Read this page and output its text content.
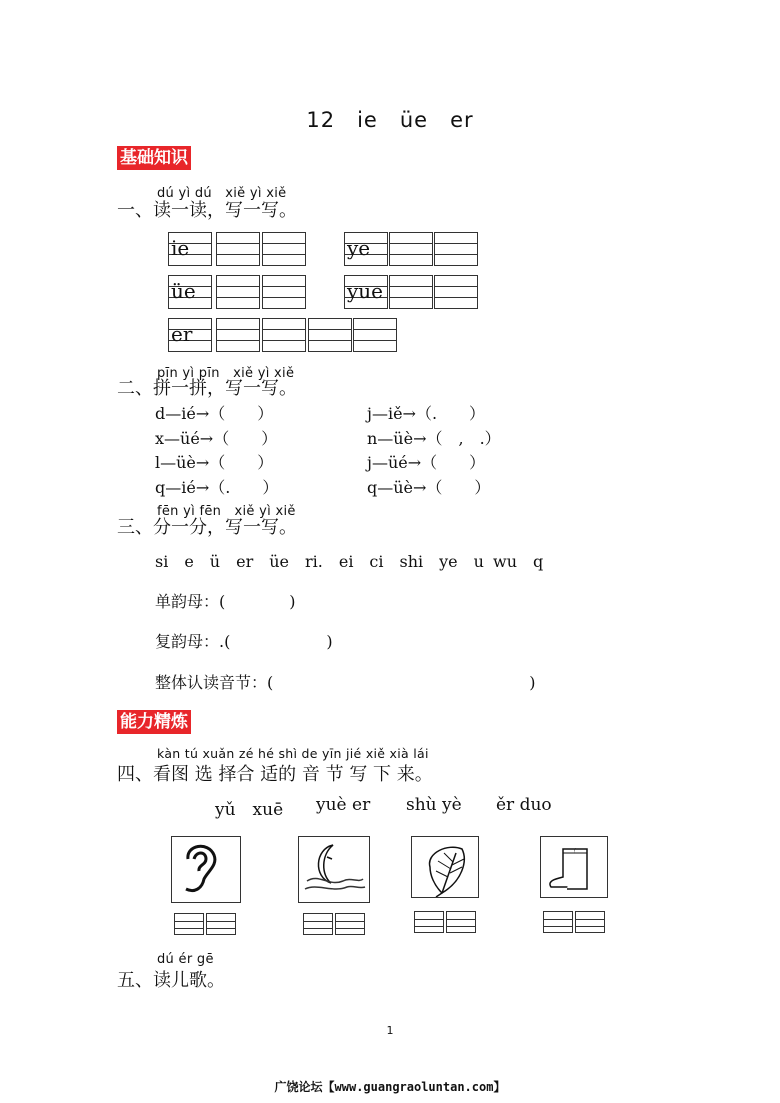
12　ie　üe　er
基础知识
dú yì dú　xiě yì xiě
一、读一读，写一写。
ie	ye
üe	yue
er
pīn yì pīn　xiě yì xiě
二、拼一拼，写一写。
d—ié→（　　）
x—üé→（　　）
l—üè→（　　）
q—ié→（.　　）
j—iě→（.　　）
n—üè→（　,　.）
j—üé→（　　）
q—üè→（　　）
fēn yì fēn　xiě yì xiě
三、分一分，写一写。
si　e　ü　er　üe　ri.　ei　ci　shi　ye　u wu　q
单韵母：(　　　　)
复韵母：.(　　　　　　)
整体认读音节：(　　　　　　　　　　　　　　　　)
能力精炼
kàn tú xuǎn zé hé shì de yīn jié xiě xià lái
四、看图 选 择合 适的 音 节 写 下 来。
yǔ　xuē yuè er shù yè ěr duo
dú ér gē
五、读儿歌。
1
广饶论坛【www.guangraoluntan.com】
